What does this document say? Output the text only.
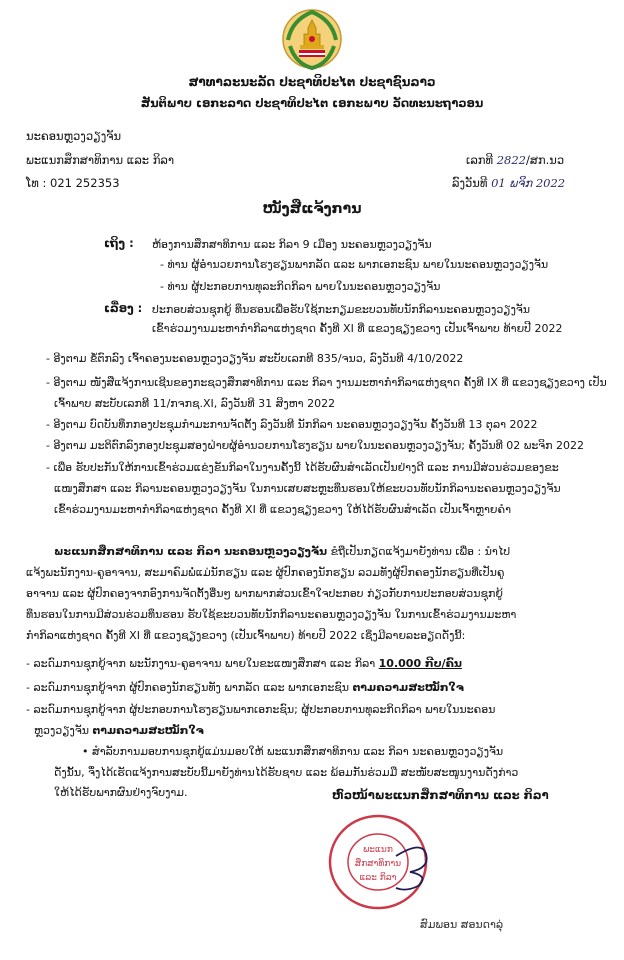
ສາທາລະນະລັດ ປະຊາທິປະໄຕ ປະຊາຊົນລາວ
ສັນຕິພາບ ເອກະລາດ ປະຊາທິປະໄຕ ເອກະພາບ ວັດທະນະຖາວອນ
ນະຄອນຫຼວງວຽງຈັນ
ພະແນກສຶກສາທິການ ແລະ ກິລາ
ໂທ : 021 252353
ເລກທີ 2822/ສກ.ນວ
ລົງວັນທີ 01 ພຈິກ 2022
ໜັງສືແຈ້ງການ
ເຖິງ : ຫ້ອງການສຶກສາທິການ ແລະ ກິລາ 9 ເມືອງ ນະຄອນຫຼວງວຽງຈັນ
- ທ່ານ ຜູ້ອຳນວຍການໂຮງຮຽນພາກລັດ ແລະ ພາກເອກະຊົນ ພາຍໃນນະຄອນຫຼວງວຽງຈັນ
- ທ່ານ ຜູ້ປະກອບການທຸລະກິດກິລາ ພາຍໃນນະຄອນຫຼວງວຽງຈັນ
ເລື່ອງ : ປະກອບສ່ວນຊຸກຍູ້ ທຶນຮອນເພື່ອຮັບໃຊ້ກະກຽມຂະບວນທັບນັກກິລານະຄອນຫຼວງວຽງຈັນ
ເຂົ້າຮ່ວມງານມະຫາກຳກິລາແຫ່ງຊາດ ຄັ້ງທີ XI ທີ່ ແຂວງຊຽງຂວາງ ເປັນເຈົ້າພາບ ທ້າຍປີ 2022
- ອີງຕາມ ຂໍ້ຕົກລົງ ເຈົ້າຄອງນະຄອນຫຼວງວຽງຈັນ ສະບັບເລກທີ 835/ຈນວ, ລົງວັນທີ 4/10/2022
- ອີງຕາມ ໜັງສືແຈ້ງການເຊີນຂອງກະຊວງສຶກສາທິການ ແລະ ກິລາ ງານມະຫາກຳກິລາແຫ່ງຊາດ ຄັ້ງທີ IX ທີ່ ແຂວງຊຽງຂວາງ ເປັນ
ເຈົ້າພາບ ສະບັບເລກທີ 11/ກຈກຊ.XI, ລົງວັນທີ 31 ສິງຫາ 2022
- ອີງຕາມ ບົດບັນທຶກກອງປະຊຸມກຳມະການຈັດຕັ້ງ ລົງວັນທີ ນັກກິລາ ນະຄອນຫຼວງວຽງຈັນ ຄັ້ງວັນທີ 13 ຕຸລາ 2022
- ອີງຕາມ ມະຕິຕົກລົງກອງປະຊຸມສອງຝ່າຍຜູ້ອຳນວຍການໂຮງຮຽນ ພາຍໃນນະຄອນຫຼວງວຽງຈັນ; ຄັ້ງວັນທີ 02 ພະຈິກ 2022
- ເພື່ອ ຮັບປະກັນໃຫ້ການເຂົ້າຮ່ວມແຂ່ງຂັນກິລາໃນງານຄັ້ງນີ້ ໄດ້ຮັບຜົນສຳເລັດເປັນຢ່າງດີ ແລະ ການມີສ່ວນຮ່ວມຂອງຂະ
ແໜງສຶກສາ ແລະ ກິລານະຄອນຫຼວງວຽງຈັນ ໃນການເສຍສະຫຼະທຶນຮອນໃຫ້ຂະບວນທັບນັກກິລານະຄອນຫຼວງວຽງຈັນ
ເຂົ້າຮ່ວມງານມະຫາກຳກິລາແຫ່ງຊາດ ຄັ້ງທີ XI ທີ່ ແຂວງຊຽງຂວາງ ໃຫ້ໄດ້ຮັບຜົນສຳເລັດ ເປັນເຈົ້າຫຼາຍຄຳ
ພະແນກສຶກສາທິການ ແລະ ກິລາ ນະຄອນຫຼວງວຽງຈັນ ຂໍຖືເປັນກຽດແຈ້ງມາຍັງທ່ານ ເພື່ອ : ນຳໄປ
ແຈ້ງພະນັກງານ-ຄູອາຈານ, ສະມາຄົມພໍ່ແມ່ນັກຮຽນ ແລະ ຜູ້ປົກຄອງນັກຮຽນ ລວມທັງຜູ້ປົກຄອງນັກຮຽນທີ່ເປັນຄູ
ອາຈານ ແລະ ຜູ້ປົກຄອງຈາກອົງການຈັດຕັ້ງອື່ນໆ ພາກພາກສ່ວນເຂົ້າໃຈປະກອບ ກ່ຽວກັບການປະກອບສ່ວນຊຸກຍູ້
ທຶນຮອນໃນການມີສ່ວນຮ່ວມທຶນຮອນ ຮັບໃຊ້ຂະບວນທັບນັກກິລານະຄອນຫຼວງວຽງຈັນ ໃນການເຂົ້າຮ່ວມງານມະຫາ
ກຳກິລາແຫ່ງຊາດ ຄັ້ງທີ XI ທີ່ ແຂວງຊຽງຂວາງ (ເປັນເຈົ້າພາບ) ທ້າຍປີ 2022 ເຊິ່ງມີລາຍລະອຽດດັ່ງນີ້:
- ລະດົມການຊຸກຍູ້ຈາກ ພະນັກງານ-ຄູອາຈານ ພາຍໃນຂະແໜງສຶກສາ ແລະ ກິລາ 10.000 ກີບ/ຄົນ
- ລະດົມການຊຸກຍູ້ຈາກ ຜູ້ປົກຄອງນັກຮຽນທັງ ພາກລັດ ແລະ ພາກເອກະຊົນ ຕາມຄວາມສະໝັກໃຈ
- ລະດົມການຊຸກຍູ້ຈາກ ຜູ້ປະກອບການໂຮງຮຽນພາກເອກະຊົນ; ຜູ້ປະກອບການທຸລະກິດກິລາ ພາຍໃນນະຄອນ
ຫຼວງວຽງຈັນ ຕາມຄວາມສະໝັກໃຈ
• ສຳລັບການມອບການຊຸກຍູ້ແມ່ນມອບໃຫ້ ພະແນກສຶກສາທິການ ແລະ ກິລາ ນະຄອນຫຼວງວຽງຈັນ
ດັ່ງນັ້ນ, ຈຶ່ງໄດ້ເຮັດແຈ້ງການສະບັບນີ້ມາຍັງທ່ານໄດ້ຮັບຊາບ ແລະ ພ້ອມກັນຮ່ວມມື ສະໜັບສະໜູນງານດັ່ງກ່າວ
ໃຫ້ໄດ້ຮັບພາກຜົນຢ່າງຈົບງາມ.	ຫົວໜ້າພະແນກສຶກສາທິການ ແລະ ກິລາ
ພະແນກ
ສຶກສາທິການ
ແລະ ກິລາ
ສົມພອນ ສອນດາລຸ່
